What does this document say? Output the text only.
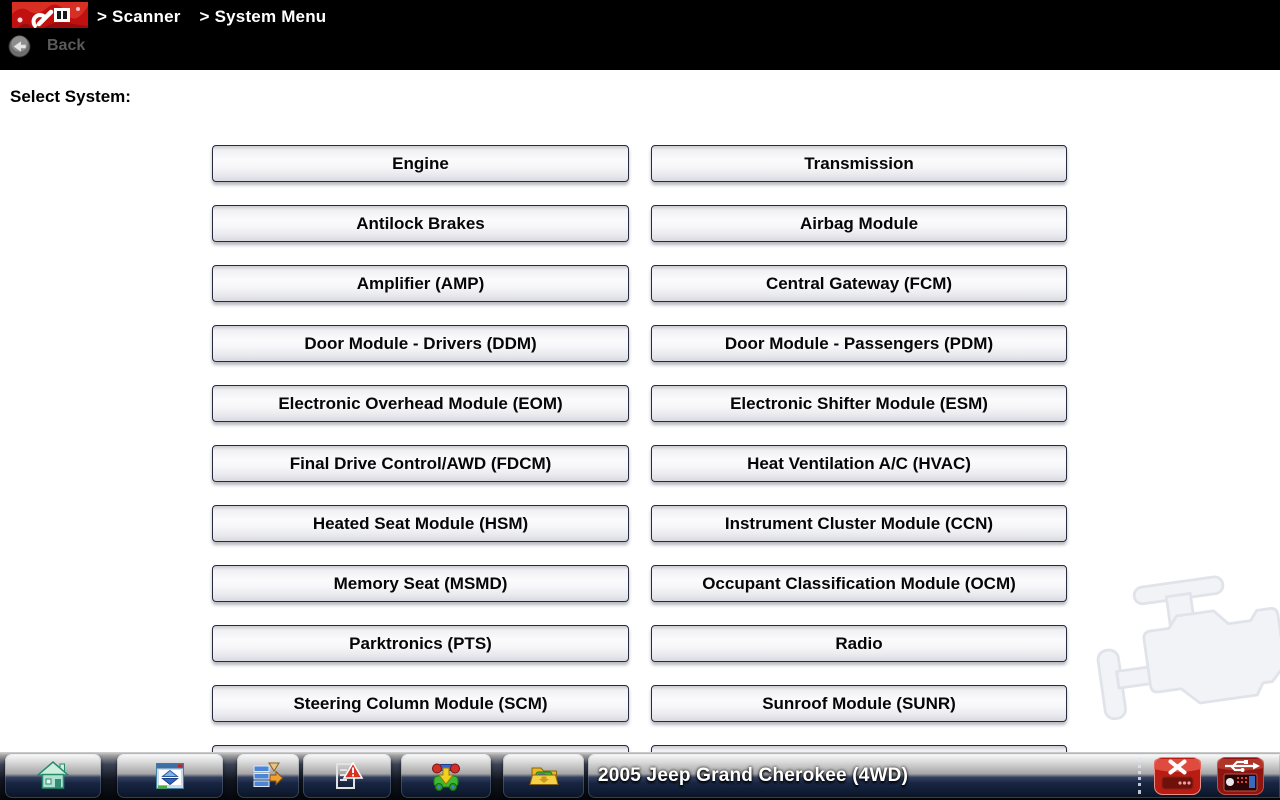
> Scanner > System Menu
Back
Select System:
Engine	Transmission
Antilock Brakes	Airbag Module
Amplifier (AMP)	Central Gateway (FCM)
Door Module - Drivers (DDM)	Door Module - Passengers (PDM)
Electronic Overhead Module (EOM)	Electronic Shifter Module (ESM)
Final Drive Control/AWD (FDCM)	Heat Ventilation A/C (HVAC)
Heated Seat Module (HSM)	Instrument Cluster Module (CCN)
Memory Seat (MSMD)	Occupant Classification Module (OCM)
Parktronics (PTS)	Radio
Steering Column Module (SCM)	Sunroof Module (SUNR)
2005 Jeep Grand Cherokee (4WD)
